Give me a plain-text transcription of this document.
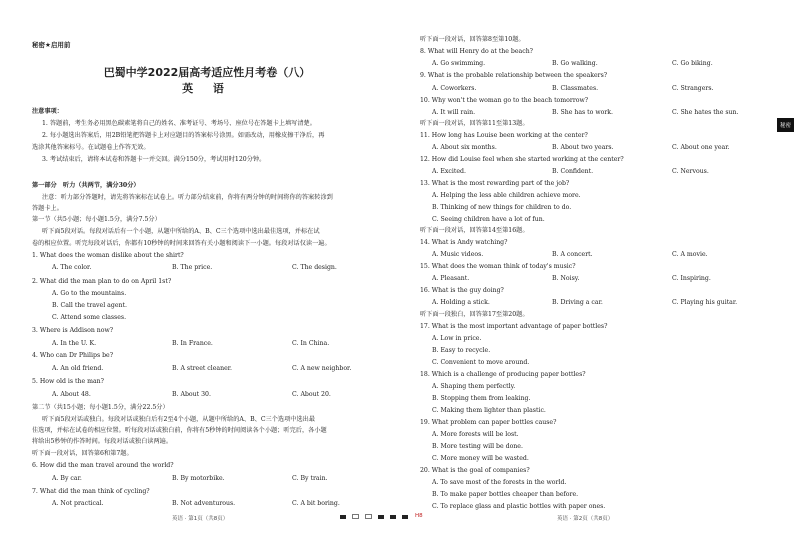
秘密★启用前
巴蜀中学2022届高考适应性月考卷（八）
英 语
注意事项：
1. 答题前，考生务必用黑色碳素笔将自己的姓名、准考证号、考场号、座位号在答题卡上填写清楚。
2. 每小题选出答案后，用2B铅笔把答题卡上对应题目的答案标号涂黑。如需改动，用橡皮擦干净后，再
选涂其他答案标号。在试题卷上作答无效。
3. 考试结束后，请将本试卷和答题卡一并交回。满分150分，考试用时120分钟。
第一部分　听力（共两节，满分30分）
注意：听力部分答题时，请先将答案标在试卷上。听力部分结束前，你将有两分钟的时间将你的答案转涂到
答题卡上。
第一节（共5小题；每小题1.5分，满分7.5分）
听下面5段对话。每段对话后有一个小题，从题中所给的A、B、C三个选项中选出最佳选项，并标在试
卷的相应位置。听完每段对话后，你都有10秒钟的时间来回答有关小题和阅读下一小题。每段对话仅读一遍。
1. What does the woman dislike about the shirt?
A. The color.	B. The price.	C. The design.
2. What did the man plan to do on April 1st?
A. Go to the mountains.
B. Call the travel agent.
C. Attend some classes.
3. Where is Addison now?
A. In the U. K.	B. In France.	C. In China.
4. Who can Dr Philips be?
A. An old friend.	B. A street cleaner.	C. A new neighbor.
5. How old is the man?
A. About 48.	B. About 30.	C. About 20.
第二节（共15小题；每小题1.5分，满分22.5分）
听下面5段对话或独白。每段对话或独白后有2至4个小题，从题中所给的A、B、C三个选项中选出最
佳选项，并标在试卷的相应位置。听每段对话或独白前，你将有5秒钟的时间阅读各个小题；听完后，各小题
将给出5秒钟的作答时间。每段对话或独白读两遍。
听下面一段对话，回答第6和第7题。
6. How did the man travel around the world?
A. By car.	B. By motorbike.	C. By train.
7. What did the man think of cycling?
A. Not practical.	B. Not adventurous.	C. A bit boring.
英语 · 第1页（共8页）	H8
听下面一段对话，回答第8至第10题。
8. What will Henry do at the beach?
A. Go swimming.	B. Go walking.	C. Go biking.
9. What is the probable relationship between the speakers?
A. Coworkers.	B. Classmates.	C. Strangers.
10. Why won't the woman go to the beach tomorrow?
A. It will rain.	B. She has to work.	C. She hates the sun.
听下面一段对话，回答第11至第13题。
11. How long has Louise been working at the center?
A. About six months.	B. About two years.	C. About one year.
12. How did Louise feel when she started working at the center?
A. Excited.	B. Confident.	C. Nervous.
13. What is the most rewarding part of the job?
A. Helping the less able children achieve more.
B. Thinking of new things for children to do.
C. Seeing children have a lot of fun.
听下面一段对话，回答第14至第16题。
14. What is Andy watching?
A. Music videos.	B. A concert.	C. A movie.
15. What does the woman think of today's music?
A. Pleasant.	B. Noisy.	C. Inspiring.
16. What is the guy doing?
A. Holding a stick.	B. Driving a car.	C. Playing his guitar.
听下面一段独白，回答第17至第20题。
17. What is the most important advantage of paper bottles?
A. Low in price.
B. Easy to recycle.
C. Convenient to move around.
18. Which is a challenge of producing paper bottles?
A. Shaping them perfectly.
B. Stopping them from leaking.
C. Making them lighter than plastic.
19. What problem can paper bottles cause?
A. More forests will be lost.
B. More testing will be done.
C. More money will be wasted.
20. What is the goal of companies?
A. To save most of the forests in the world.
B. To make paper bottles cheaper than before.
C. To replace glass and plastic bottles with paper ones.
英语 · 第2页（共8页）
秘密
